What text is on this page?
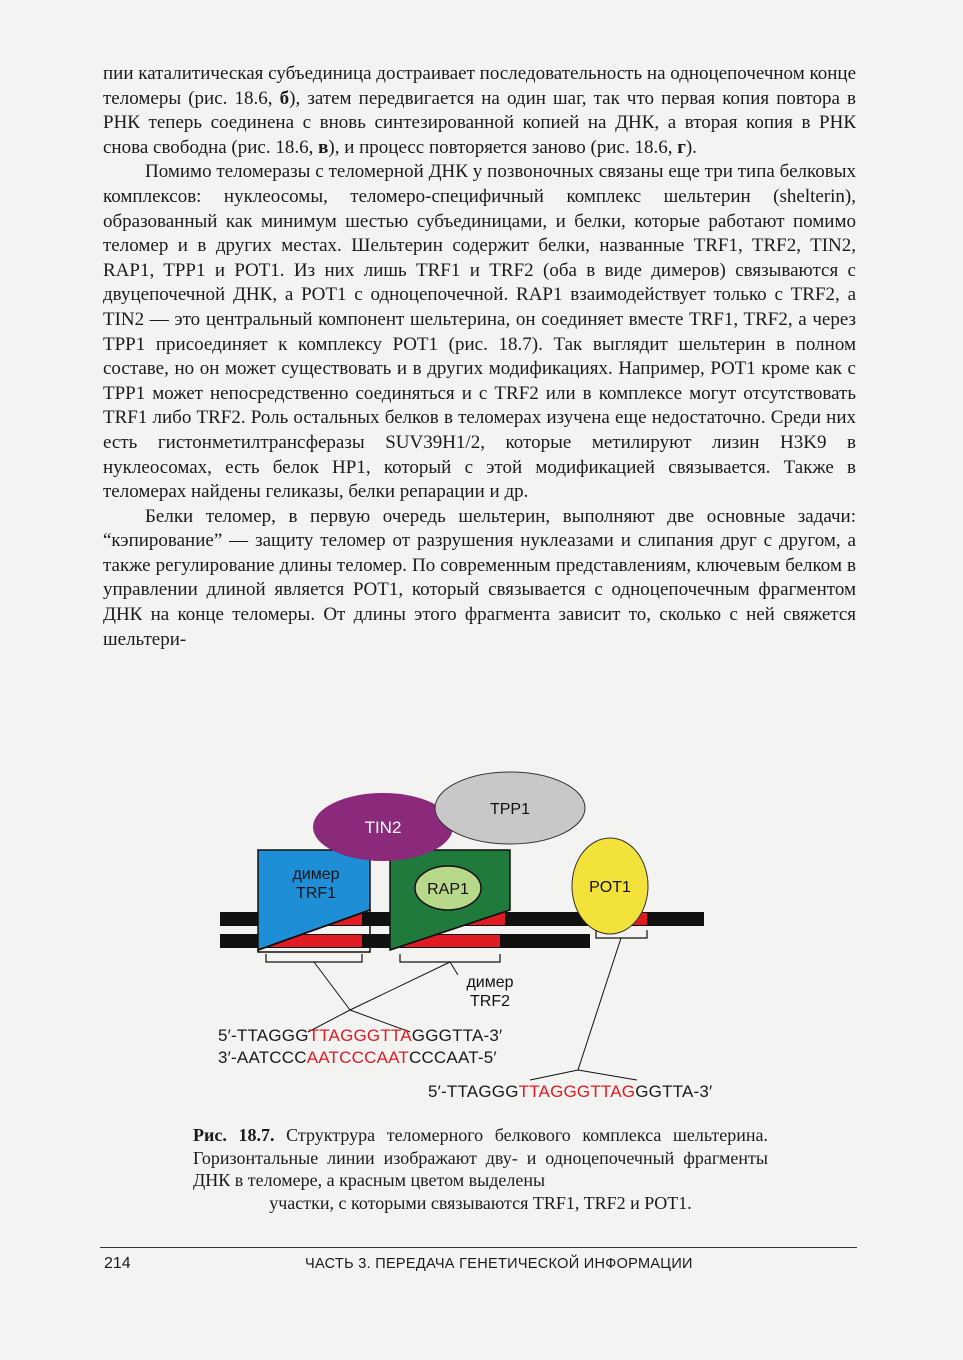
пии каталитическая субъединица достраивает последовательность на одноцепочечном конце теломеры (рис. 18.6, б), затем передвигается на один шаг, так что первая копия повтора в РНК теперь соединена с вновь синтезированной копией на ДНК, а вторая копия в РНК снова свободна (рис. 18.6, в), и процесс повторяется заново (рис. 18.6, г).

Помимо теломеразы с теломерной ДНК у позвоночных связаны еще три типа белковых комплексов: нуклеосомы, теломеро-специфичный комплекс шельтерин (shelterin), образованный как минимум шестью субъединицами, и белки, которые работают помимо теломер и в других местах. Шельтерин содержит белки, названные TRF1, TRF2, TIN2, RAP1, TPP1 и POT1. Из них лишь TRF1 и TRF2 (оба в виде димеров) связываются с двуцепочечной ДНК, а POT1 с одноцепочечной. RAP1 взаимодействует только с TRF2, а TIN2 — это центральный компонент шельтерина, он соединяет вместе TRF1, TRF2, а через TPP1 присоединяет к комплексу POT1 (рис. 18.7). Так выглядит шельтерин в полном составе, но он может существовать и в других модификациях. Например, POT1 кроме как с TPP1 может непосредственно соединяться и с TRF2 или в комплексе могут отсутствовать TRF1 либо TRF2. Роль остальных белков в теломерах изучена еще недостаточно. Среди них есть гистонметилтрансферазы SUV39H1/2, которые метилируют лизин H3K9 в нуклеосомах, есть белок HP1, который с этой модификацией связывается. Также в теломерах найдены геликазы, белки репарации и др.

Белки теломер, в первую очередь шельтерин, выполняют две основные задачи: “кэпирование” — защиту теломер от разрушения нуклеазами и слипания друг с другом, а также регулирование длины теломер. По современным представлениям, ключевым белком в управлении длиной является POT1, который связывается с одноцепочечным фрагментом ДНК на конце теломеры. От длины этого фрагмента зависит то, сколько с ней свяжется шельтери-

TIN2
TPP1
димер
TRF1	RAP1	POT1
димер
TRF2
5′-TTAGGGTTAGGGTTAGGGTTA-3′
3′-AATCCCAATCCCAATCCCAAT-5′
5′-TTAGGGTTAGGGTTAGGGTTA-3′
Рис. 18.7. Структрура теломерного белкового комплекса шельтерина. Горизонтальные линии изображают дву- и одноцепочечный фрагменты ДНК в теломере, а красным цветом выделены
участки, с которыми связываются TRF1, TRF2 и POT1.
214	ЧАСТЬ 3. ПЕРЕДАЧА ГЕНЕТИЧЕСКОЙ ИНФОРМАЦИИ
